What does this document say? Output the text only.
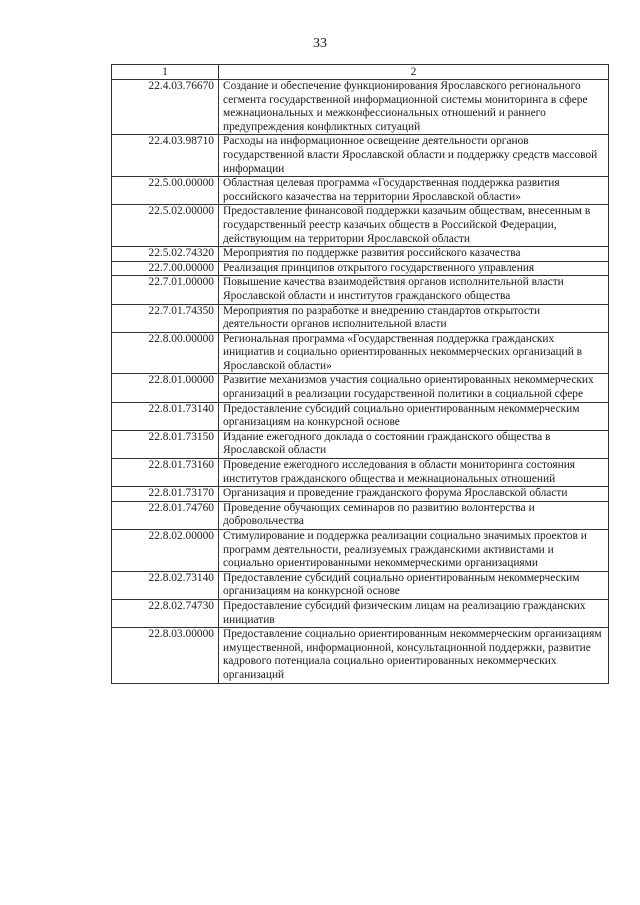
33
1	2
22.4.03.76670	Создание и обеспечение функционирования Ярославского регионального сегмента государственной информационной системы мониторинга в сфере межнациональных и межконфессиональных отношений и раннего предупреждения конфликтных ситуаций
22.4.03.98710	Расходы на информационное освещение деятельности органов государственной власти Ярославской области и поддержку средств массовой информации
22.5.00.00000	Областная целевая программа «Государственная поддержка развития российского казачества на территории Ярославской области»
22.5.02.00000	Предоставление финансовой поддержки казачьим обществам, внесенным в государственный реестр казачьих обществ в Российской Федерации, действующим на территории Ярославской области
22.5.02.74320	Мероприятия по поддержке развития российского казачества
22.7.00.00000	Реализация принципов открытого государственного управления
22.7.01.00000	Повышение качества взаимодействия органов исполнительной власти Ярославской области и институтов гражданского общества
22.7.01.74350	Мероприятия по разработке и внедрению стандартов открытости деятельности органов исполнительной власти
22.8.00.00000	Региональная программа «Государственная поддержка гражданских инициатив и социально ориентированных некоммерческих организаций в Ярославской области»
22.8.01.00000	Развитие механизмов участия социально ориентированных некоммерческих организаций в реализации государственной политики в социальной сфере
22.8.01.73140	Предоставление субсидий социально ориентированным некоммерческим организациям на конкурсной основе
22.8.01.73150	Издание ежегодного доклада о состоянии гражданского общества в Ярославской области
22.8.01.73160	Проведение ежегодного исследования в области мониторинга состояния институтов гражданского общества и межнациональных отношений
22.8.01.73170	Организация и проведение гражданского форума Ярославской области
22.8.01.74760	Проведение обучающих семинаров по развитию волонтерства и добровольчества
22.8.02.00000	Стимулирование и поддержка реализации социально значимых проектов и программ деятельности, реализуемых гражданскими активистами и социально ориентированными некоммерческими организациями
22.8.02.73140	Предоставление субсидий социально ориентированным некоммерческим организациям на конкурсной основе
22.8.02.74730	Предоставление субсидий физическим лицам на реализацию гражданских инициатив
22.8.03.00000	Предоставление социально ориентированным некоммерческим организациям имущественной, информационной, консультационной поддержки, развитие кадрового потенциала социально ориентированных некоммерческих организаций
